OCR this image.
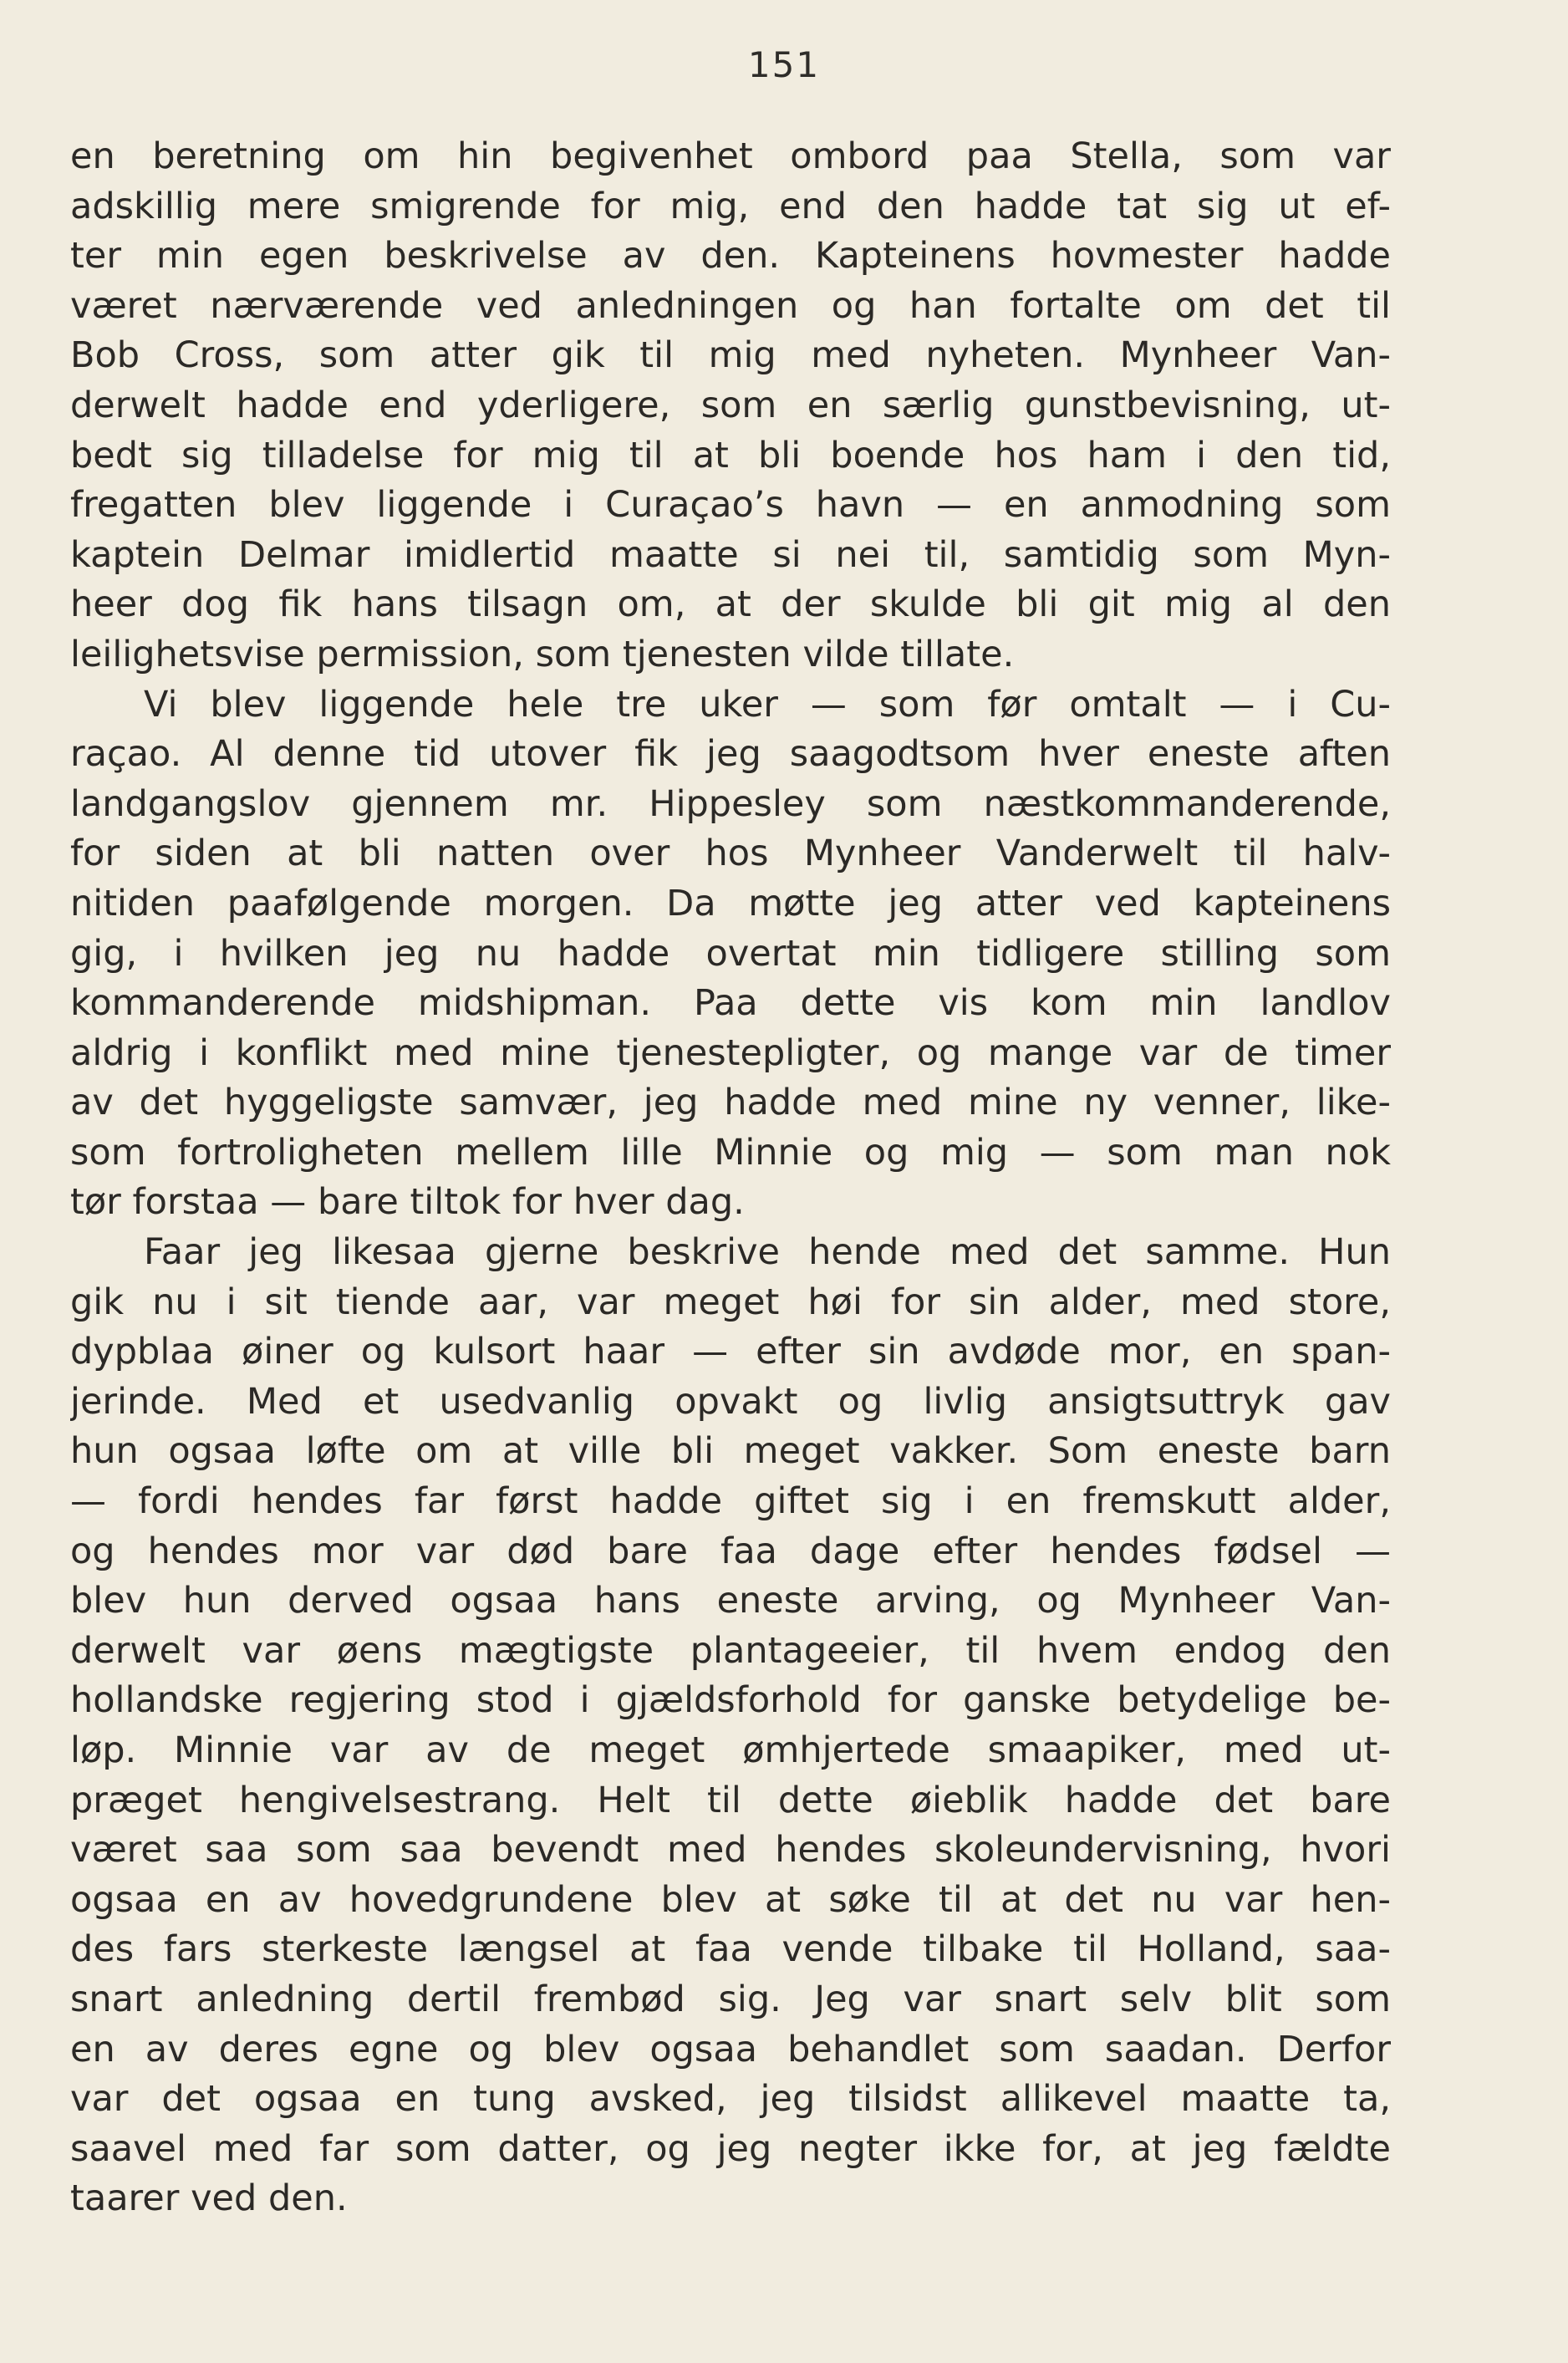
151
en beretning om hin begivenhet ombord paa Stella, som var
adskillig mere smigrende for mig, end den hadde tat sig ut ef-
ter min egen beskrivelse av den. Kapteinens hovmester hadde
været nærværende ved anledningen og han fortalte om det til
Bob Cross, som atter gik til mig med nyheten. Mynheer Van-
derwelt hadde end yderligere, som en særlig gunstbevisning, ut-
bedt sig tilladelse for mig til at bli boende hos ham i den tid,
fregatten blev liggende i Curaçao’s havn — en anmodning som
kaptein Delmar imidlertid maatte si nei til, samtidig som Myn-
heer dog fik hans tilsagn om, at der skulde bli git mig al den
leilighetsvise permission, som tjenesten vilde tillate.
Vi blev liggende hele tre uker — som før omtalt — i Cu-
raçao. Al denne tid utover fik jeg saagodtsom hver eneste aften
landgangslov gjennem mr. Hippesley som næstkommanderende,
for siden at bli natten over hos Mynheer Vanderwelt til halv-
nitiden paafølgende morgen. Da møtte jeg atter ved kapteinens
gig, i hvilken jeg nu hadde overtat min tidligere stilling som
kommanderende midshipman. Paa dette vis kom min landlov
aldrig i konflikt med mine tjenestepligter, og mange var de timer
av det hyggeligste samvær, jeg hadde med mine ny venner, like-
som fortroligheten mellem lille Minnie og mig — som man nok
tør forstaa — bare tiltok for hver dag.
Faar jeg likesaa gjerne beskrive hende med det samme. Hun
gik nu i sit tiende aar, var meget høi for sin alder, med store,
dypblaa øiner og kulsort haar — efter sin avdøde mor, en span-
jerinde. Med et usedvanlig opvakt og livlig ansigtsuttryk gav
hun ogsaa løfte om at ville bli meget vakker. Som eneste barn
— fordi hendes far først hadde giftet sig i en fremskutt alder,
og hendes mor var død bare faa dage efter hendes fødsel —
blev hun derved ogsaa hans eneste arving, og Mynheer Van-
derwelt var øens mægtigste plantageeier, til hvem endog den
hollandske regjering stod i gjældsforhold for ganske betydelige be-
løp. Minnie var av de meget ømhjertede smaapiker, med ut-
præget hengivelsestrang. Helt til dette øieblik hadde det bare
været saa som saa bevendt med hendes skoleundervisning, hvori
ogsaa en av hovedgrundene blev at søke til at det nu var hen-
des fars sterkeste længsel at faa vende tilbake til Holland, saa-
snart anledning dertil frembød sig. Jeg var snart selv blit som
en av deres egne og blev ogsaa behandlet som saadan. Derfor
var det ogsaa en tung avsked, jeg tilsidst allikevel maatte ta,
saavel med far som datter, og jeg negter ikke for, at jeg fældte
taarer ved den.
